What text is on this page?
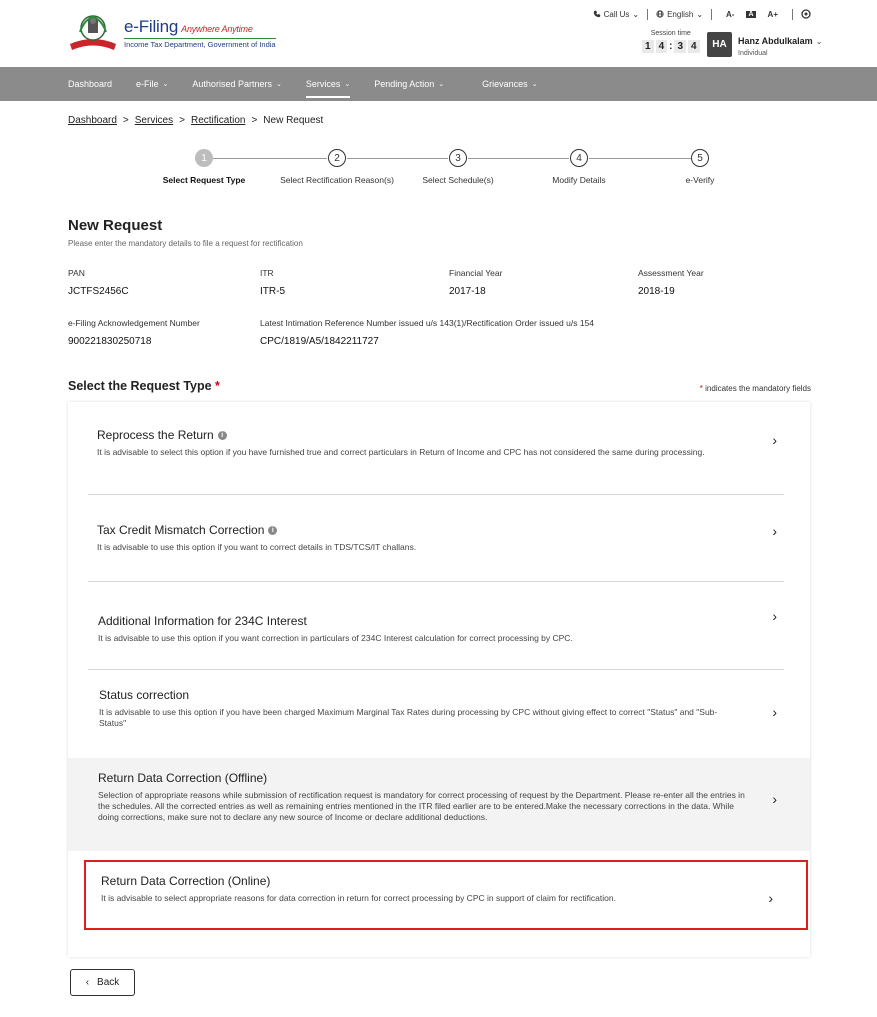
e-Filing Anywhere Anytime
Income Tax Department, Government of India
Call Us ⌄	English ⌄	A- A A+
Session time
1 4 : 3 4	HA	Hanz Abdulkalam ⌄
Individual
Dashboard	e-File ⌄	Authorised Partners ⌄	Services ⌄	Pending Action ⌄	Grievances ⌄
Dashboard > Services > Rectification > New Request
1
Select Request Type
2
Select Rectification Reason(s)
3
Select Schedule(s)
4
Modify Details
5
e-Verify
New Request
Please enter the mandatory details to file a request for rectification
PAN
JCTFS2456C
ITR
ITR-5
Financial Year
2017-18
Assessment Year
2018-19
e-Filing Acknowledgement Number
900221830250718
Latest Intimation Reference Number issued u/s 143(1)/Rectification Order issued u/s 154
CPC/1819/A5/1842211727
Select the Request Type *	* indicates the mandatory fields
Reprocess the Return	i
It is advisable to select this option if you have furnished true and correct particulars in Return of Income and CPC has not considered the same during processing.
›
Tax Credit Mismatch Correction	i
It is advisable to use this option if you want to correct details in TDS/TCS/IT challans.
›
Additional Information for 234C Interest
It is advisable to use this option if you want correction in particulars of 234C Interest calculation for correct processing by CPC.
›
Status correction
It is advisable to use this option if you have been charged Maximum Marginal Tax Rates during processing by CPC without giving effect to correct "Status" and "Sub-Status"
›
Return Data Correction (Offline)
Selection of appropriate reasons while submission of rectification request is mandatory for correct processing of request by the Department. Please re-enter all the entries in the schedules. All the corrected entries as well as remaining entries mentioned in the ITR filed earlier are to be entered.Make the necessary corrections in the data. While doing corrections, make sure not to declare any new source of Income or declare additional deductions.
›
Return Data Correction (Online)
It is advisable to select appropriate reasons for data correction in return for correct processing by CPC in support of claim for rectification.	›
‹ Back
